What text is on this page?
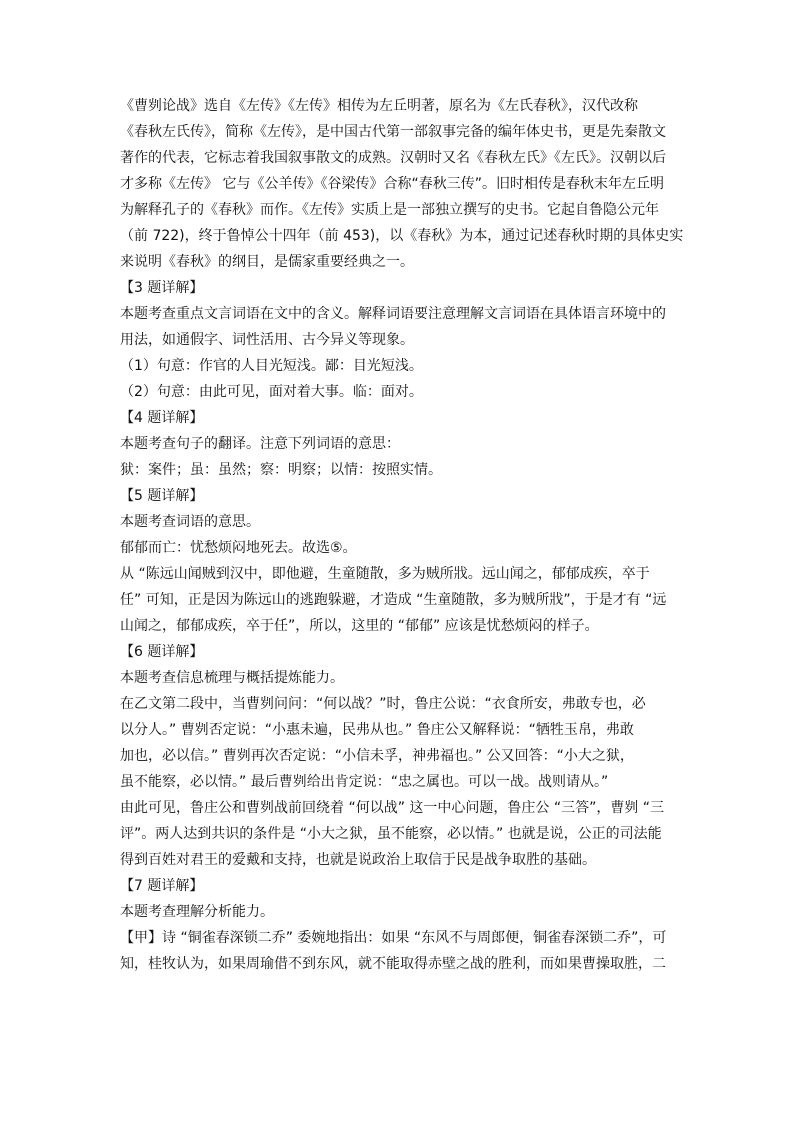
《曹刿论战》选自《左传》《左传》相传为左丘明著，原名为《左氏春秋》，汉代改称
《春秋左氏传》，简称《左传》，是中国古代第一部叙事完备的编年体史书，更是先秦散文
著作的代表，它标志着我国叙事散文的成熟。汉朝时又名《春秋左氏》《左氏》。汉朝以后
才多称《左传》 它与《公羊传》《谷梁传》合称“春秋三传”。旧时相传是春秋末年左丘明
为解释孔子的《春秋》而作。《左传》实质上是一部独立撰写的史书。它起自鲁隐公元年
（前 722)，终于鲁悼公十四年（前 453)，以《春秋》为本，通过记述春秋时期的具体史实
来说明《春秋》的纲目，是儒家重要经典之一。
【3 题详解】
本题考查重点文言词语在文中的含义。解释词语要注意理解文言词语在具体语言环境中的
用法，如通假字、词性活用、古今异义等现象。
（1）句意：作官的人目光短浅。鄙：目光短浅。
（2）句意：由此可见，面对着大事。临：面对。
【4 题详解】
本题考查句子的翻译。注意下列词语的意思：
狱：案件；虽：虽然；察：明察；以情：按照实情。
【5 题详解】
本题考查词语的意思。
郁郁而亡：忧愁烦闷地死去。故选⑤。
从 “陈远山闻贼到汉中，即他避，生童随散，多为贼所戕。远山闻之，郁郁成疾，卒于
任” 可知，正是因为陈远山的逃跑躲避，才造成 “生童随散，多为贼所戕”，于是才有 “远
山闻之，郁郁成疾，卒于任”，所以，这里的 “郁郁” 应该是忧愁烦闷的样子。
【6 题详解】
本题考查信息梳理与概括提炼能力。
在乙文第二段中，当曹刿问问：“何以战？”时，鲁庄公说：“衣食所安，弗敢专也，必
以分人。” 曹刿否定说：“小惠未遍，民弗从也。” 鲁庄公又解释说：“牺牲玉帛，弗敢
加也，必以信。” 曹刿再次否定说：“小信未孚，神弗福也。” 公又回答：“小大之狱，
虽不能察，必以情。” 最后曹刿给出肯定说：“忠之属也。可以一战。战则请从。”
由此可见，鲁庄公和曹刿战前回绕着 “何以战” 这一中心问题，鲁庄公 “三答”，曹刿 “三
评”。两人达到共识的条件是 “小大之狱，虽不能察，必以情。” 也就是说，公正的司法能
得到百姓对君王的爱戴和支持，也就是说政治上取信于民是战争取胜的基础。
【7 题详解】
本题考查理解分析能力。
【甲】诗 “铜雀春深锁二乔” 委婉地指出：如果 “东风不与周郎便，铜雀春深锁二乔”，可
知，桂牧认为，如果周瑜借不到东风，就不能取得赤壁之战的胜利，而如果曹操取胜，二
